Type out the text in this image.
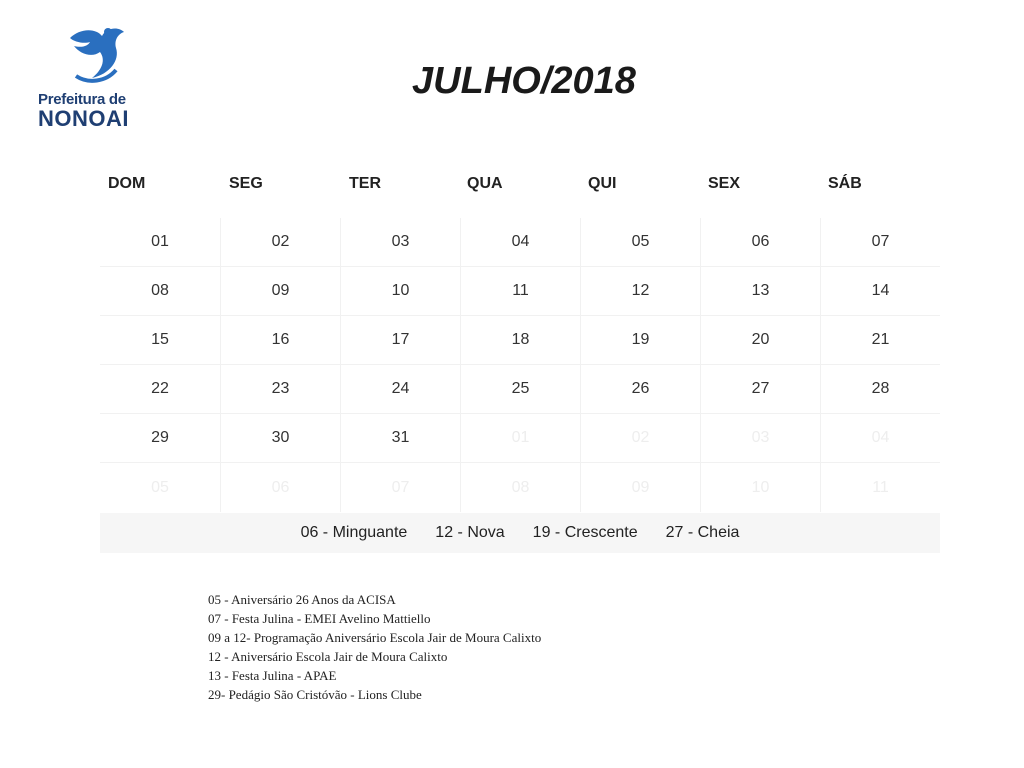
Prefeitura de
NONOAI
JULHO/2018
DOM	SEG	TER	QUA	QUI	SEX	SÁB
01	02	03	04	05	06	07
08	09	10	11	12	13	14
15	16	17	18	19	20	21
22	23	24	25	26	27	28
29	30	31	01	02	03	04
05	06	07	08	09	10	11
06 - Minguante 12 - Nova 19 - Crescente 27 - Cheia
05 - Aniversário 26 Anos da ACISA
07 - Festa Julina - EMEI Avelino Mattiello
09 a 12- Programação Aniversário Escola Jair de Moura Calixto
12 - Aniversário Escola Jair de Moura Calixto
13 - Festa Julina - APAE
29- Pedágio São Cristóvão - Lions Clube
